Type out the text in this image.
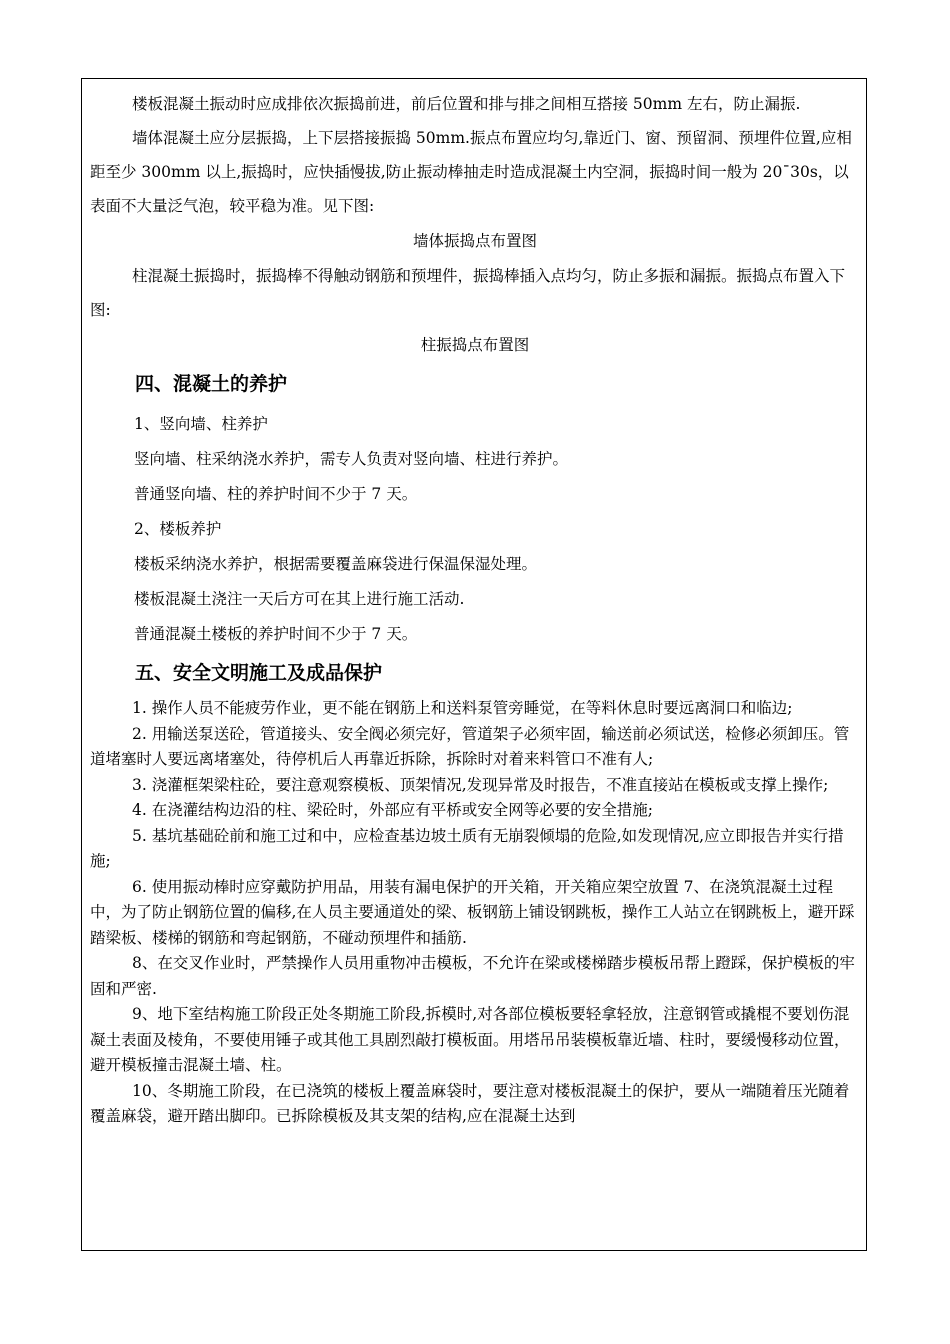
楼板混凝土振动时应成排依次振捣前进，前后位置和排与排之间相互搭接 50mm 左右，防止漏振.

墙体混凝土应分层振捣，上下层搭接振捣 50mm.振点布置应均匀,靠近门、窗、预留洞、预埋件位置,应相距至少 300mm 以上,振捣时，应快插慢拔,防止振动棒抽走时造成混凝土内空洞，振捣时间一般为 20¯30s，以表面不大量泛气泡，较平稳为准。见下图:

墙体振捣点布置图

柱混凝土振捣时，振捣棒不得触动钢筋和预埋件，振捣棒插入点均匀，防止多振和漏振。振捣点布置入下图:

柱振捣点布置图

四、混凝土的养护

1、竖向墙、柱养护

竖向墙、柱采纳浇水养护，需专人负责对竖向墙、柱进行养护。

普通竖向墙、柱的养护时间不少于 7 天。

2、楼板养护

楼板采纳浇水养护，根据需要覆盖麻袋进行保温保湿处理。

楼板混凝土浇注一天后方可在其上进行施工活动.

普通混凝土楼板的养护时间不少于 7 天。

五、安全文明施工及成品保护

1. 操作人员不能疲劳作业，更不能在钢筋上和送料泵管旁睡觉，在等料休息时要远离洞口和临边;

2. 用输送泵送砼，管道接头、安全阀必须完好，管道架子必须牢固，输送前必须试送，检修必须卸压。管道堵塞时人要远离堵塞处，待停机后人再靠近拆除，拆除时对着来料管口不准有人;

3. 浇灌框架梁柱砼，要注意观察模板、顶架情况,发现异常及时报告，不准直接站在模板或支撑上操作;

4. 在浇灌结构边沿的柱、梁砼时，外部应有平桥或安全网等必要的安全措施;

5. 基坑基础砼前和施工过和中，应检查基边坡土质有无崩裂倾塌的危险,如发现情况,应立即报告并实行措施;

6. 使用振动棒时应穿戴防护用品，用装有漏电保护的开关箱，开关箱应架空放置 7、在浇筑混凝土过程中，为了防止钢筋位置的偏移,在人员主要通道处的梁、板钢筋上铺设钢跳板，操作工人站立在钢跳板上，避开踩踏梁板、楼梯的钢筋和弯起钢筋，不碰动预埋件和插筋.

8、在交叉作业时，严禁操作人员用重物冲击模板，不允许在梁或楼梯踏步模板吊帮上蹬踩，保护模板的牢固和严密.

9、地下室结构施工阶段正处冬期施工阶段,拆模时,对各部位模板要轻拿轻放，注意钢管或撬棍不要划伤混凝土表面及棱角，不要使用锤子或其他工具剧烈敲打模板面。用塔吊吊装模板靠近墙、柱时，要缓慢移动位置，避开模板撞击混凝土墙、柱。

10、冬期施工阶段，在已浇筑的楼板上覆盖麻袋时，要注意对楼板混凝土的保护，要从一端随着压光随着覆盖麻袋，避开踏出脚印。已拆除模板及其支架的结构,应在混凝土达到
